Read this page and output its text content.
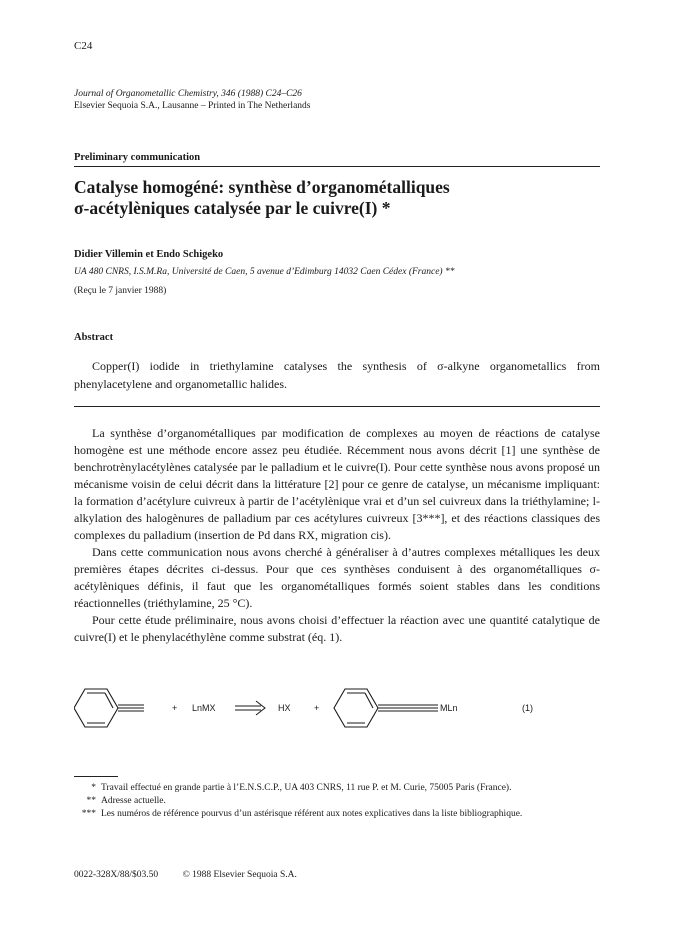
C24
Journal of Organometallic Chemistry, 346 (1988) C24–C26
Elsevier Sequoia S.A., Lausanne – Printed in The Netherlands
Preliminary communication
Catalyse homogéné: synthèse d’organométalliques
σ-acétylèniques catalysée par le cuivre(I) *
Didier Villemin et Endo Schigeko
UA 480 CNRS, I.S.M.Ra, Université de Caen, 5 avenue d’Edimburg 14032 Caen Cédex (France) **
(Reçu le 7 janvier 1988)
Abstract
Copper(I) iodide in triethylamine catalyses the synthesis of σ-alkyne organometallics from phenylacetylene and organometallic halides.

La synthèse d’organométalliques par modification de complexes au moyen de réactions de catalyse homogène est une méthode encore assez peu étudiée. Récemment nous avons décrit [1] une synthèse de benchrotrènylacétylènes catalysée par le palladium et le cuivre(I). Pour cette synthèse nous avons proposé un mécanisme voisin de celui décrit dans la littérature [2] pour ce genre de catalyse, un mécanisme impliquant: la formation d’acétylure cuivreux à partir de l’acétylènique vrai et d’un sel cuivreux dans la triéthylamine; l-alkylation des halogènures de palladium par ces acétylures cuivreux [3***], et des réactions classiques des complexes du palladium (insertion de Pd dans RX, migration cis).

Dans cette communication nous avons cherché à généraliser à d’autres complexes métalliques les deux premières étapes décrites ci-dessus. Pour que ces synthèses conduisent à des organométalliques σ-acétylèniques définis, il faut que les organométalliques formés soient stables dans les conditions réactionnelles (triéthylamine, 25 °C).

Pour cette étude préliminaire, nous avons choisi d’effectuer la réaction avec une quantité catalytique de cuivre(I) et le phenylacéthylène comme substrat (éq. 1).

+ LnMX	HX	+	MLn	(1)
* Travail effectué en grande partie à l’E.N.S.C.P., UA 403 CNRS, 11 rue P. et M. Curie, 75005 Paris (France).
** Adresse actuelle.
*** Les numéros de référence pourvus d’un astérisque référent aux notes explicatives dans la liste bibliographique.
0022-328X/88/$03.50	© 1988 Elsevier Sequoia S.A.
